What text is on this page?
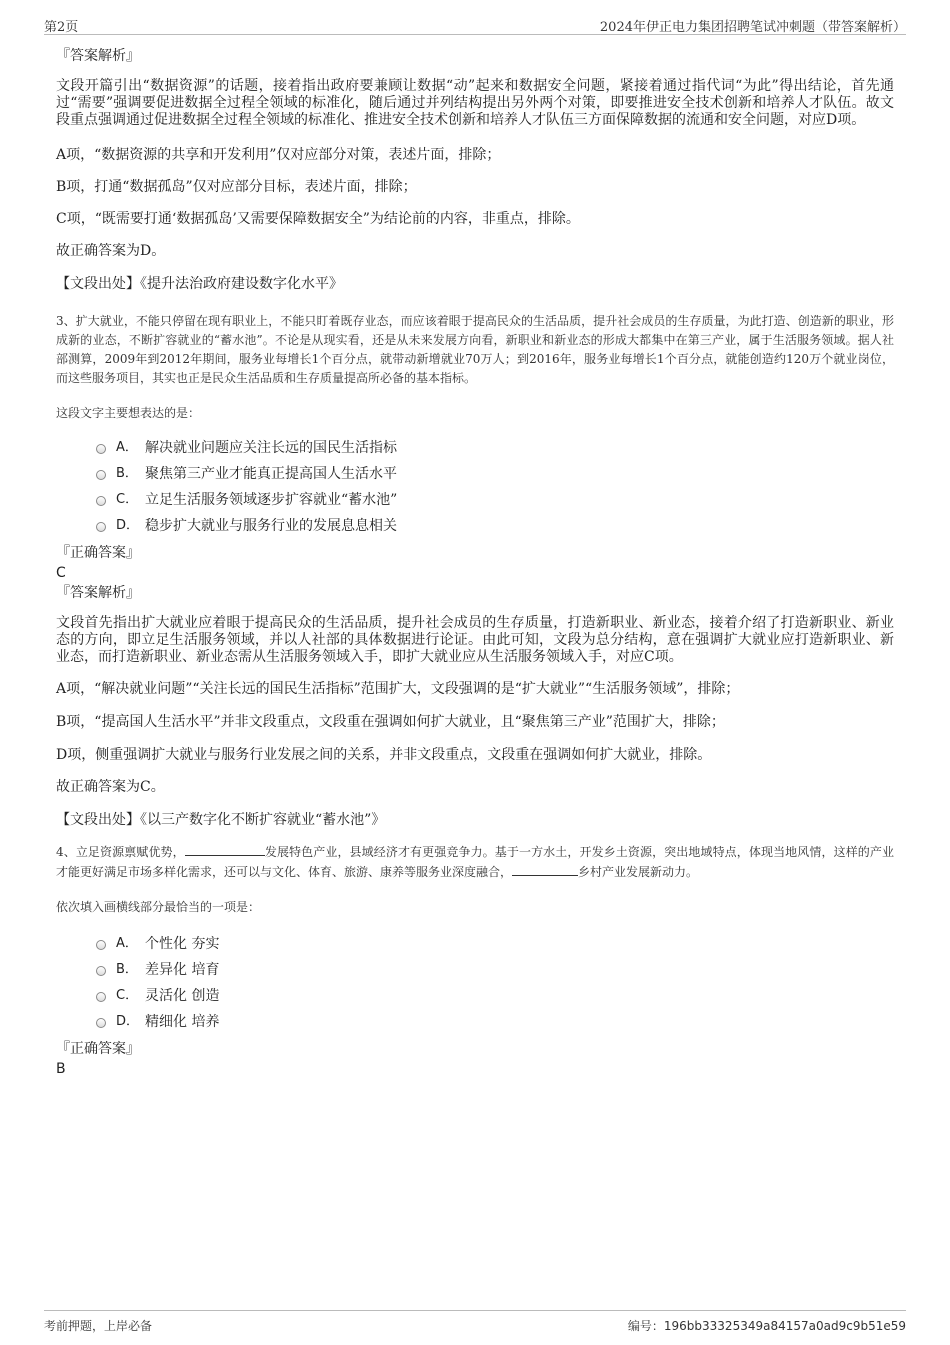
第2页	2024年伊正电力集团招聘笔试冲刺题（带答案解析）

『答案解析』

文段开篇引出“数据资源”的话题，接着指出政府要兼顾让数据“动”起来和数据安全问题，紧接着通过指代词“为此”得出结论，首先通过“需要”强调要促进数据全过程全领域的标准化，随后通过并列结构提出另外两个对策，即要推进安全技术创新和培养人才队伍。故文段重点强调通过促进数据全过程全领域的标准化、推进安全技术创新和培养人才队伍三方面保障数据的流通和安全问题，对应D项。

A项，“数据资源的共享和开发利用”仅对应部分对策，表述片面，排除；

B项，打通“数据孤岛”仅对应部分目标，表述片面，排除；

C项，“既需要打通‘数据孤岛’又需要保障数据安全”为结论前的内容，非重点，排除。

故正确答案为D。

【文段出处】《提升法治政府建设数字化水平》

3、扩大就业，不能只停留在现有职业上，不能只盯着既存业态，而应该着眼于提高民众的生活品质，提升社会成员的生存质量，为此打造、创造新的职业，形成新的业态，不断扩容就业的“蓄水池”。不论是从现实看，还是从未来发展方向看，新职业和新业态的形成大都集中在第三产业，属于生活服务领域。据人社部测算，2009年到2012年期间，服务业每增长1个百分点，就带动新增就业70万人；到2016年，服务业每增长1个百分点，就能创造约120万个就业岗位，而这些服务项目，其实也正是民众生活品质和生存质量提高所必备的基本指标。

这段文字主要想表达的是：

A． 解决就业问题应关注长远的国民生活指标
B． 聚焦第三产业才能真正提高国人生活水平
C． 立足生活服务领域逐步扩容就业“蓄水池”
D． 稳步扩大就业与服务行业的发展息息相关

『正确答案』

C

『答案解析』

文段首先指出扩大就业应着眼于提高民众的生活品质，提升社会成员的生存质量，打造新职业、新业态，接着介绍了打造新职业、新业态的方向，即立足生活服务领域，并以人社部的具体数据进行论证。由此可知，文段为总分结构，意在强调扩大就业应打造新职业、新业态，而打造新职业、新业态需从生活服务领域入手，即扩大就业应从生活服务领域入手，对应C项。

A项，“解决就业问题”“关注长远的国民生活指标”范围扩大，文段强调的是“扩大就业”“生活服务领域”，排除；

B项，“提高国人生活水平”并非文段重点，文段重在强调如何扩大就业，且“聚焦第三产业”范围扩大，排除；

D项，侧重强调扩大就业与服务行业发展之间的关系，并非文段重点，文段重在强调如何扩大就业，排除。

故正确答案为C。

【文段出处】《以三产数字化不断扩容就业“蓄水池”》

4、立足资源禀赋优势，	发展特色产业，县域经济才有更强竞争力。基于一方水土，开发乡土资源，突出地域特点，体现当地风情，这样的产业才能更好满足市场多样化需求，还可以与文化、体育、旅游、康养等服务业深度融合，	乡村产业发展新动力。

依次填入画横线部分最恰当的一项是：

A． 个性化 夯实
B． 差异化 培育
C． 灵活化 创造
D． 精细化 培养

『正确答案』

B

考前押题，上岸必备	编号：196bb33325349a84157a0ad9c9b51e59
